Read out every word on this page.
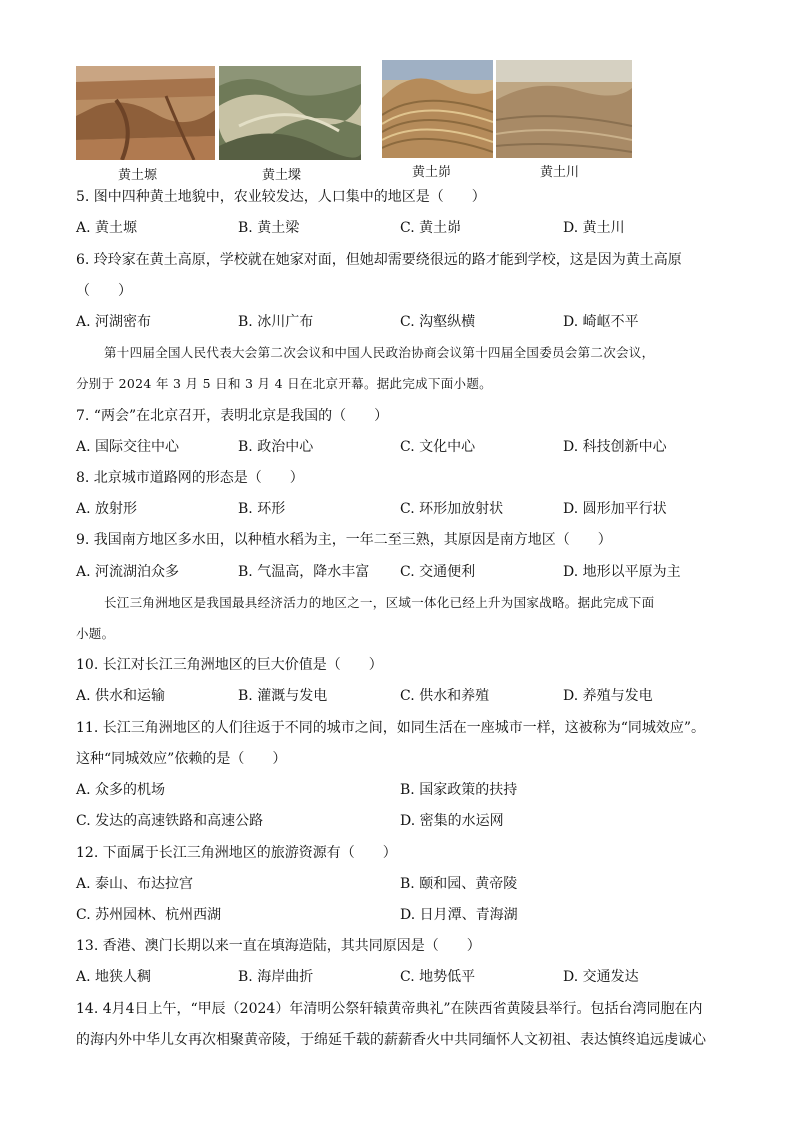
黄土塬	黄土墚	黄土峁	黄土川
5. 图中四种黄土地貌中，农业较发达，人口集中的地区是（　　）
A. 黄土塬	B. 黄土梁	C. 黄土峁	D. 黄土川
6. 玲玲家在黄土高原，学校就在她家对面，但她却需要绕很远的路才能到学校，这是因为黄土高原
（　　）
A. 河湖密布	B. 冰川广布	C. 沟壑纵横	D. 崎岖不平
第十四届全国人民代表大会第二次会议和中国人民政治协商会议第十四届全国委员会第二次会议，
分别于 2024 年 3 月 5 日和 3 月 4 日在北京开幕。据此完成下面小题。
7. “两会”在北京召开，表明北京是我国的（　　）
A. 国际交往中心	B. 政治中心	C. 文化中心	D. 科技创新中心
8. 北京城市道路网的形态是（　　）
A. 放射形	B. 环形	C. 环形加放射状	D. 圆形加平行状
9. 我国南方地区多水田，以种植水稻为主，一年二至三熟，其原因是南方地区（　　）
A. 河流湖泊众多	B. 气温高，降水丰富 C. 交通便利	D. 地形以平原为主
长江三角洲地区是我国最具经济活力的地区之一，区域一体化已经上升为国家战略。据此完成下面
小题。
10. 长江对长江三角洲地区的巨大价值是（　　）
A. 供水和运输	B. 灌溉与发电	C. 供水和养殖	D. 养殖与发电
11. 长江三角洲地区的人们往返于不同的城市之间，如同生活在一座城市一样，这被称为“同城效应”。
这种“同城效应”依赖的是（　　）
A. 众多的机场	B. 国家政策的扶持
C. 发达的高速铁路和高速公路	D. 密集的水运网
12. 下面属于长江三角洲地区的旅游资源有（　　）
A. 泰山、布达拉宫	B. 颐和园、黄帝陵
C. 苏州园林、杭州西湖	D. 日月潭、青海湖
13. 香港、澳门长期以来一直在填海造陆，其共同原因是（　　）
A. 地狭人稠	B. 海岸曲折	C. 地势低平	D. 交通发达
14. 4月4日上午，“甲辰（2024）年清明公祭轩辕黄帝典礼”在陕西省黄陵县举行。包括台湾同胞在内
的海内外中华儿女再次相聚黄帝陵，于绵延千载的薪薪香火中共同缅怀人文初祖、表达慎终追远虔诚心
